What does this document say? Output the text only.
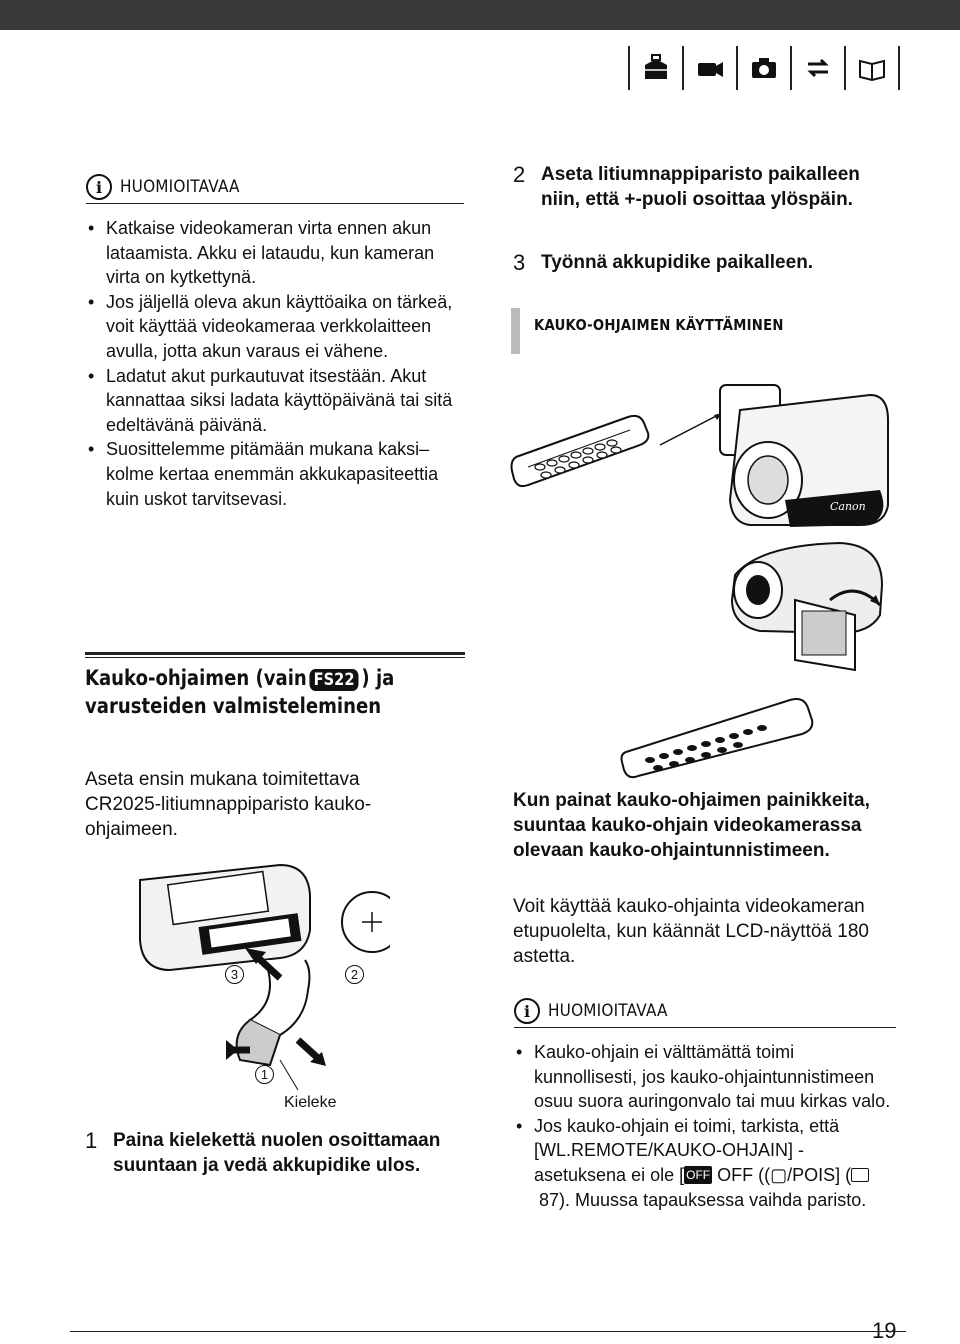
i	HUOMIOITAVAA
• Katkaise videokameran virta ennen akun lataamista. Akku ei lataudu, kun kameran virta on kytkettynä.
• Jos jäljellä oleva akun käyttöaika on tärkeä, voit käyttää videokameraa verkkolaitteen avulla, jotta akun varaus ei vähene.
• Ladatut akut purkautuvat itsestään. Akut kannattaa siksi ladata käyttöpäivänä tai sitä edeltävänä päivänä.
• Suosittelemme pitämään mukana kaksi–kolme kertaa enemmän akkukapasiteettia kuin uskot tarvitsevasi.
2 Aseta litiumnappiparisto paikalleen niin, että +-puoli osoittaa ylöspäin.
3 Työnnä akkupidike paikalleen.
KAUKO-OHJAIMEN KÄYTTÄMINEN
Canon
Kauko-ohjaimen (vain FS22 ) ja
varusteiden valmisteleminen
Aseta ensin mukana toimitettava CR2025-litiumnappiparisto kauko-ohjaimeen.
3	2
1
Kieleke
1 Paina kielekettä nuolen osoittamaan suuntaan ja vedä akkupidike ulos.
Kun painat kauko-ohjaimen painikkeita, suuntaa kauko-ohjain videokamerassa olevaan kauko-ohjaintunnistimeen.
Voit käyttää kauko-ohjainta videokameran etupuolelta, kun käännät LCD-näyttöä 180 astetta.
i	HUOMIOITAVAA
• Kauko-ohjain ei välttämättä toimi kunnollisesti, jos kauko-ohjaintunnistimeen osuu suora auringonvalo tai muu kirkas valo.
• Jos kauko-ohjain ei toimi, tarkista, että [WL.REMOTE/KAUKO-OHJAIN] -asetuksena ei ole [ OFF OFF ((▢/POIS] ( 87). Muussa tapauksessa vaihda paristo.
19
